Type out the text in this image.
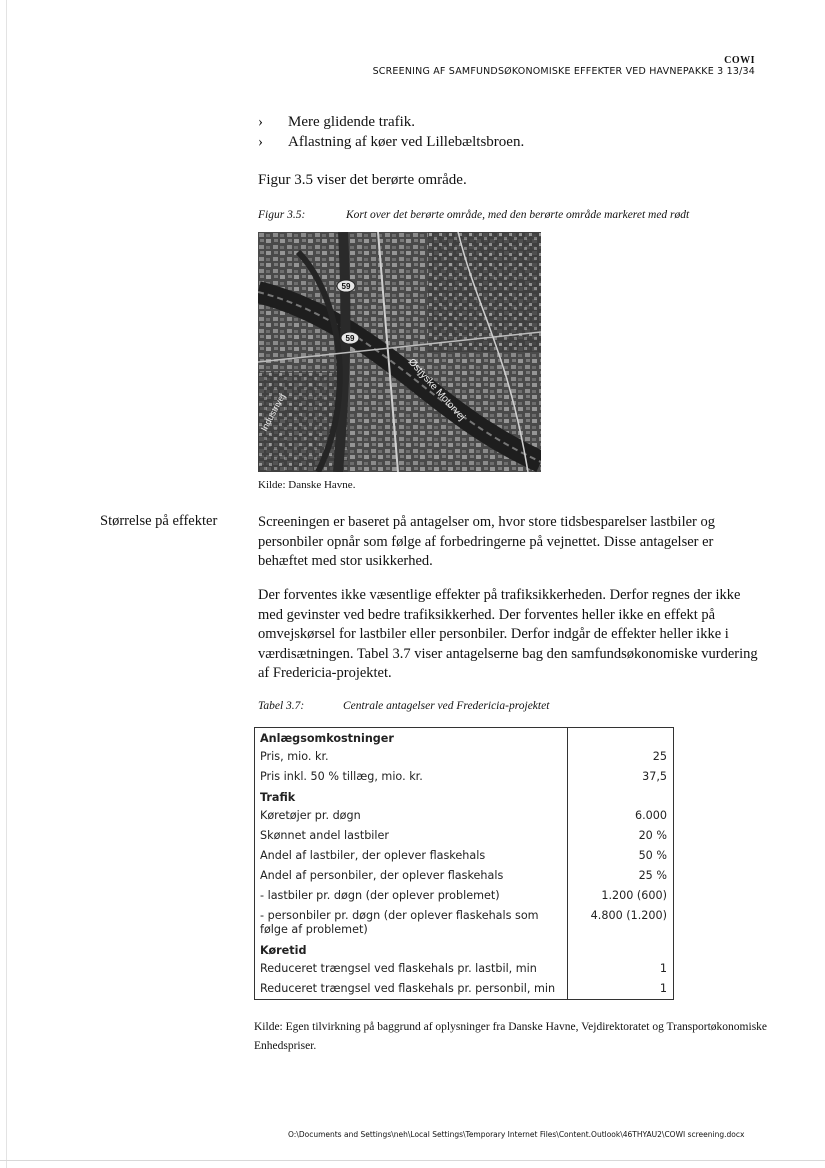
COWI
SCREENING AF SAMFUNDSØKONOMISKE EFFEKTER VED HAVNEPAKKE 3 13/34
› Mere glidende trafik.
› Aflastning af køer ved Lillebæltsbroen.
Figur 3.5 viser det berørte område.
Figur 3.5:	Kort over det berørte område, med den berørte område markeret med rødt
59
59
Østjyske Motorvej
Industrivej
Kilde: Danske Havne.
Størrelse på effekter	Screeningen er baseret på antagelser om, hvor store tidsbesparelser lastbiler og personbiler opnår som følge af forbedringerne på vejnettet. Disse antagelser er behæftet med stor usikkerhed.
Der forventes ikke væsentlige effekter på trafiksikkerheden. Derfor regnes der ikke med gevinster ved bedre trafiksikkerhed. Der forventes heller ikke en effekt på omvejskørsel for lastbiler eller personbiler. Derfor indgår de effekter heller ikke i værdisætningen. Tabel 3.7 viser antagelserne bag den samfundsøkonomiske vurdering af Fredericia-projektet.
Tabel 3.7:	Centrale antagelser ved Fredericia-projektet
Anlægsomkostninger	
Pris, mio. kr.	25
Pris inkl. 50 % tillæg, mio. kr.	37,5
Trafik	
Køretøjer pr. døgn	6.000
Skønnet andel lastbiler	20 %
Andel af lastbiler, der oplever flaskehals	50 %
Andel af personbiler, der oplever flaskehals	25 %
- lastbiler pr. døgn (der oplever problemet)	1.200 (600)
- personbiler pr. døgn (der oplever flaskehals som følge af problemet)	4.800 (1.200)
Køretid	
Reduceret trængsel ved flaskehals pr. lastbil, min	1
Reduceret trængsel ved flaskehals pr. personbil, min	1
Kilde: Egen tilvirkning på baggrund af oplysninger fra Danske Havne, Vejdirektoratet og Transportøkonomiske Enhedspriser.
O:\Documents and Settings\neh\Local Settings\Temporary Internet Files\Content.Outlook\46THYAU2\COWI screening.docx
